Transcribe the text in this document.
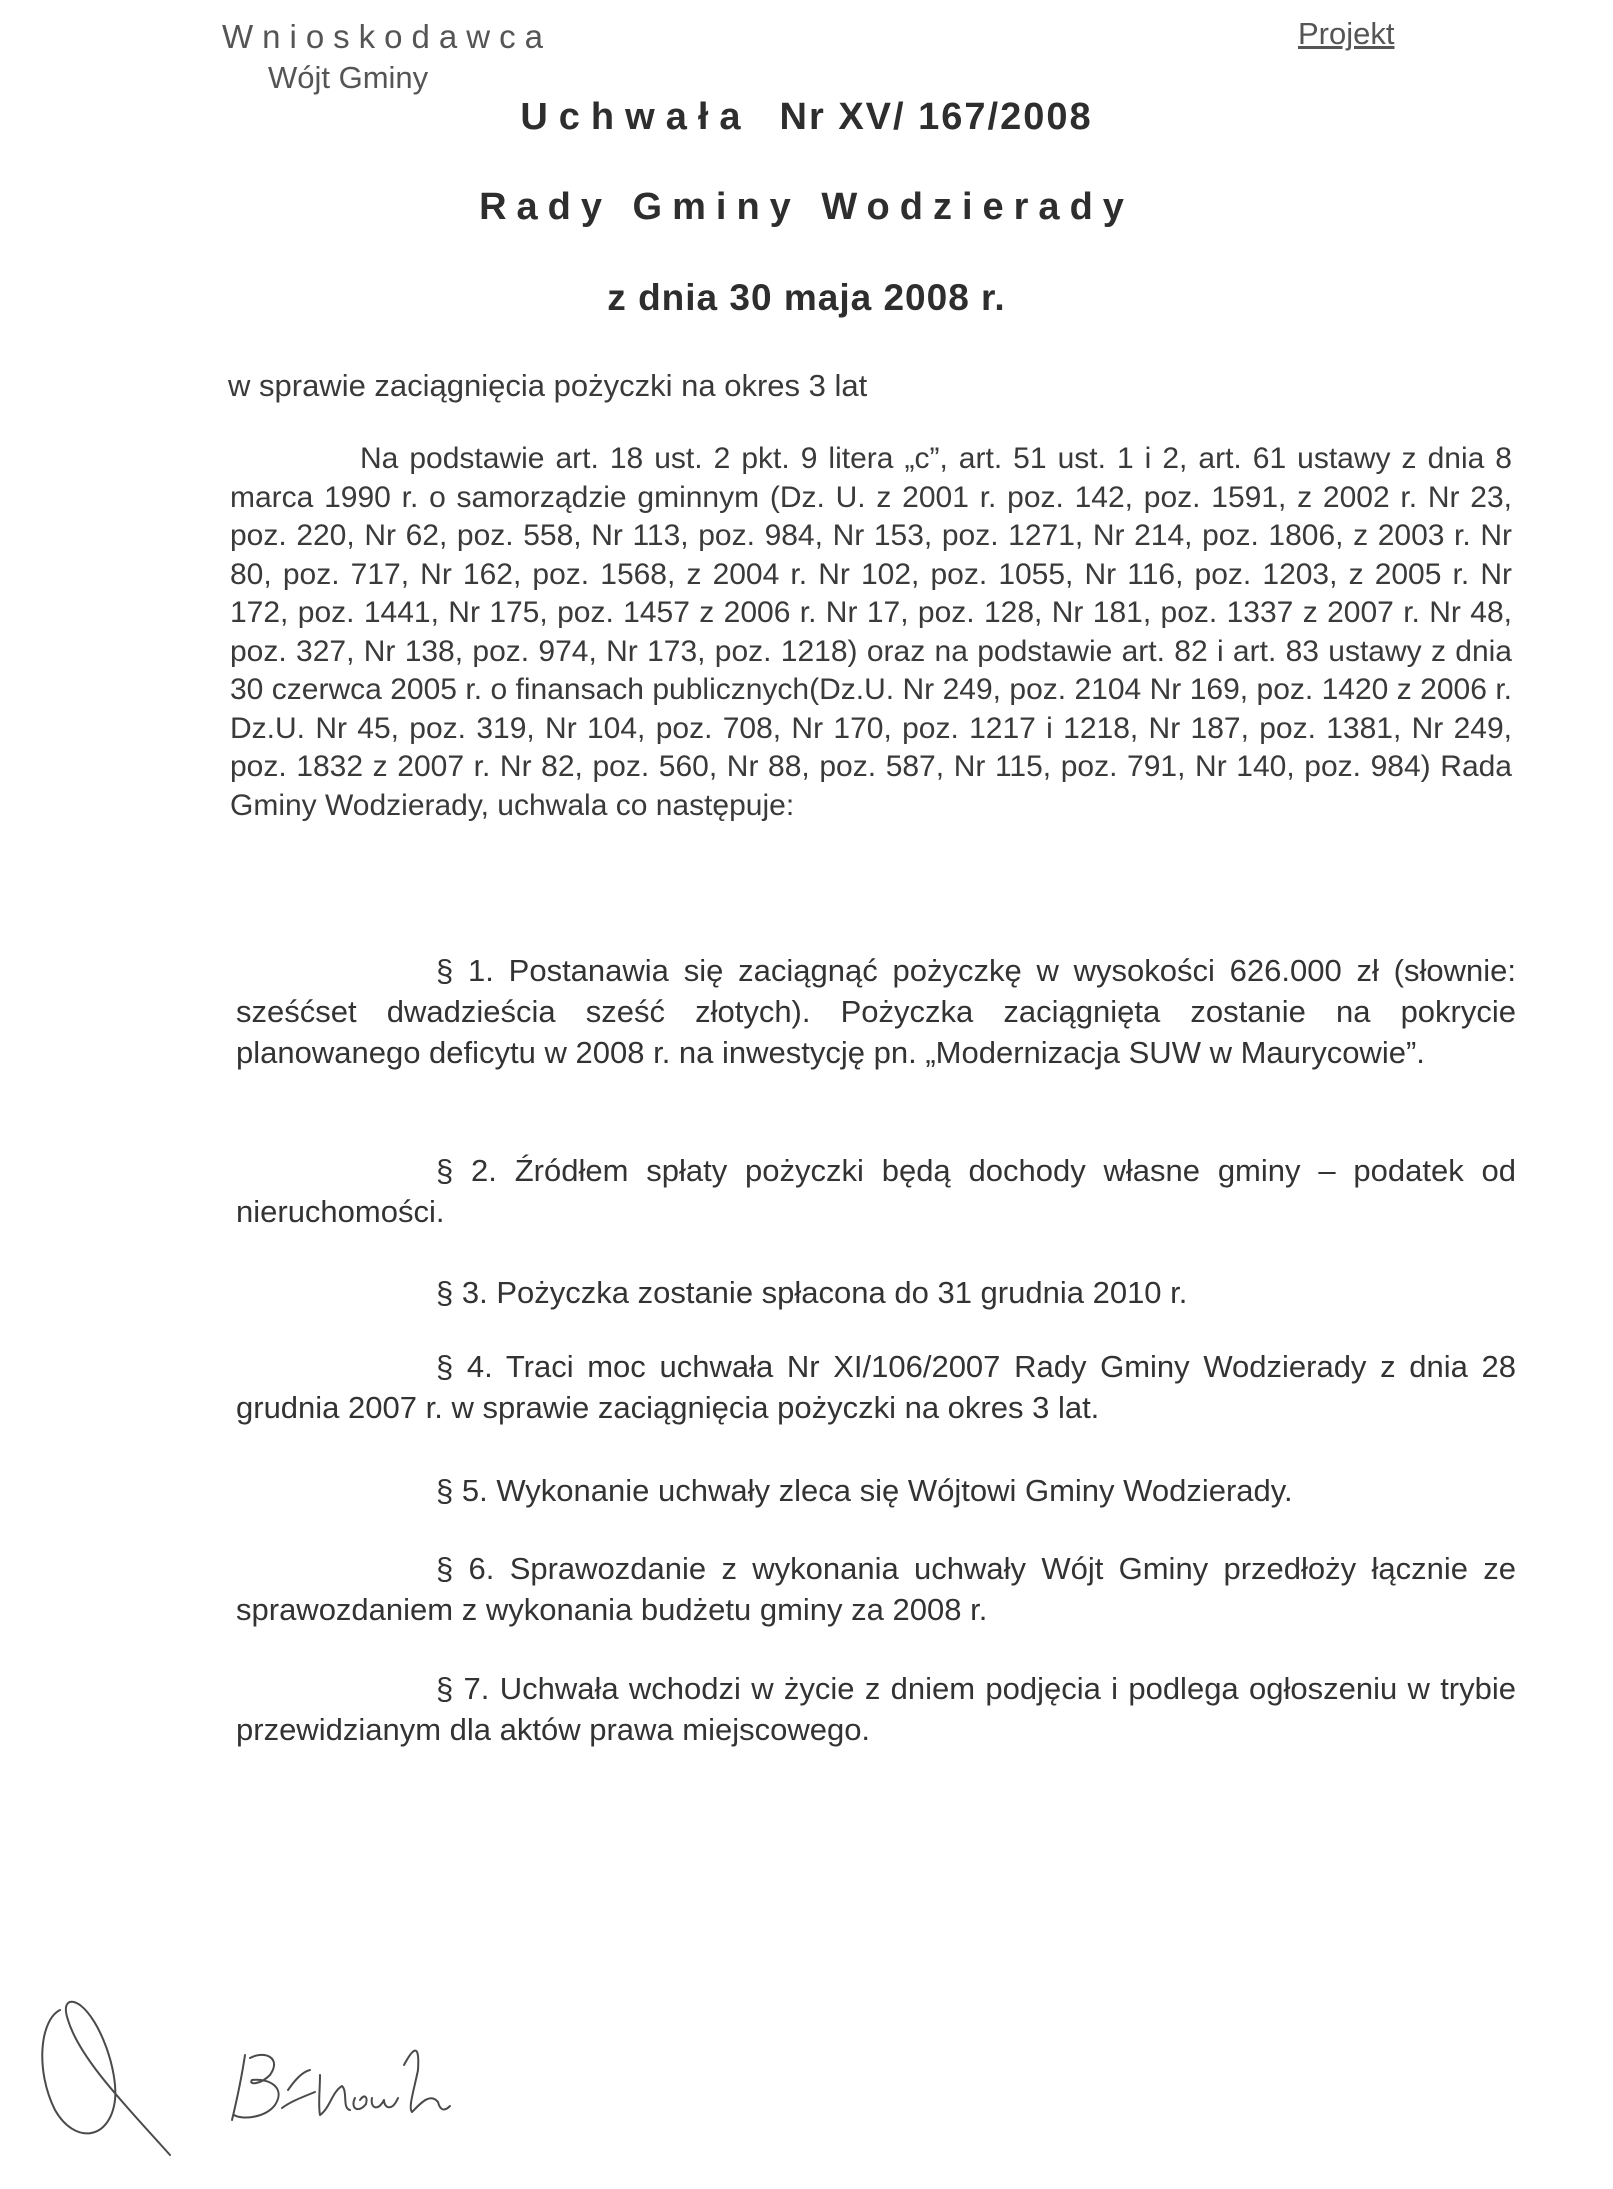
Wnioskodawca
Wójt Gminy
Projekt
Uchwała Nr XV/ 167/2008
Rady Gminy Wodzierady
z dnia 30 maja 2008 r.
w sprawie zaciągnięcia pożyczki na okres 3 lat
Na podstawie art. 18 ust. 2 pkt. 9 litera „c”, art. 51 ust. 1 i 2, art. 61 ustawy z dnia 8 marca 1990 r. o samorządzie gminnym (Dz. U. z 2001 r. poz. 142, poz. 1591, z 2002 r. Nr 23, poz. 220, Nr 62, poz. 558, Nr 113, poz. 984, Nr 153, poz. 1271, Nr 214, poz. 1806, z 2003 r. Nr 80, poz. 717, Nr 162, poz. 1568, z 2004 r. Nr 102, poz. 1055, Nr 116, poz. 1203, z 2005 r. Nr 172, poz. 1441, Nr 175, poz. 1457 z 2006 r. Nr 17, poz. 128, Nr 181, poz. 1337 z 2007 r. Nr 48, poz. 327, Nr 138, poz. 974, Nr 173, poz. 1218) oraz na podstawie art. 82 i art. 83 ustawy z dnia 30 czerwca 2005 r. o finansach publicznych(Dz.U. Nr 249, poz. 2104 Nr 169, poz. 1420 z 2006 r. Dz.U. Nr 45, poz. 319, Nr 104, poz. 708, Nr 170, poz. 1217 i 1218, Nr 187, poz. 1381, Nr 249, poz. 1832 z 2007 r. Nr 82, poz. 560, Nr 88, poz. 587, Nr 115, poz. 791, Nr 140, poz. 984) Rada Gminy Wodzierady, uchwala co następuje:
§ 1. Postanawia się zaciągnąć pożyczkę w wysokości 626.000 zł (słownie: sześćset dwadzieścia sześć złotych). Pożyczka zaciągnięta zostanie na pokrycie planowanego deficytu w 2008 r. na inwestycję pn. „Modernizacja SUW w Maurycowie”.
§ 2. Źródłem spłaty pożyczki będą dochody własne gminy – podatek od nieruchomości.
§ 3. Pożyczka zostanie spłacona do 31 grudnia 2010 r.
§ 4. Traci moc uchwała Nr XI/106/2007 Rady Gminy Wodzierady z dnia 28 grudnia 2007 r. w sprawie zaciągnięcia pożyczki na okres 3 lat.
§ 5. Wykonanie uchwały zleca się Wójtowi Gminy Wodzierady.
§ 6. Sprawozdanie z wykonania uchwały Wójt Gminy przedłoży łącznie ze sprawozdaniem z wykonania budżetu gminy za 2008 r.
§ 7. Uchwała wchodzi w życie z dniem podjęcia i podlega ogłoszeniu w trybie przewidzianym dla aktów prawa miejscowego.
